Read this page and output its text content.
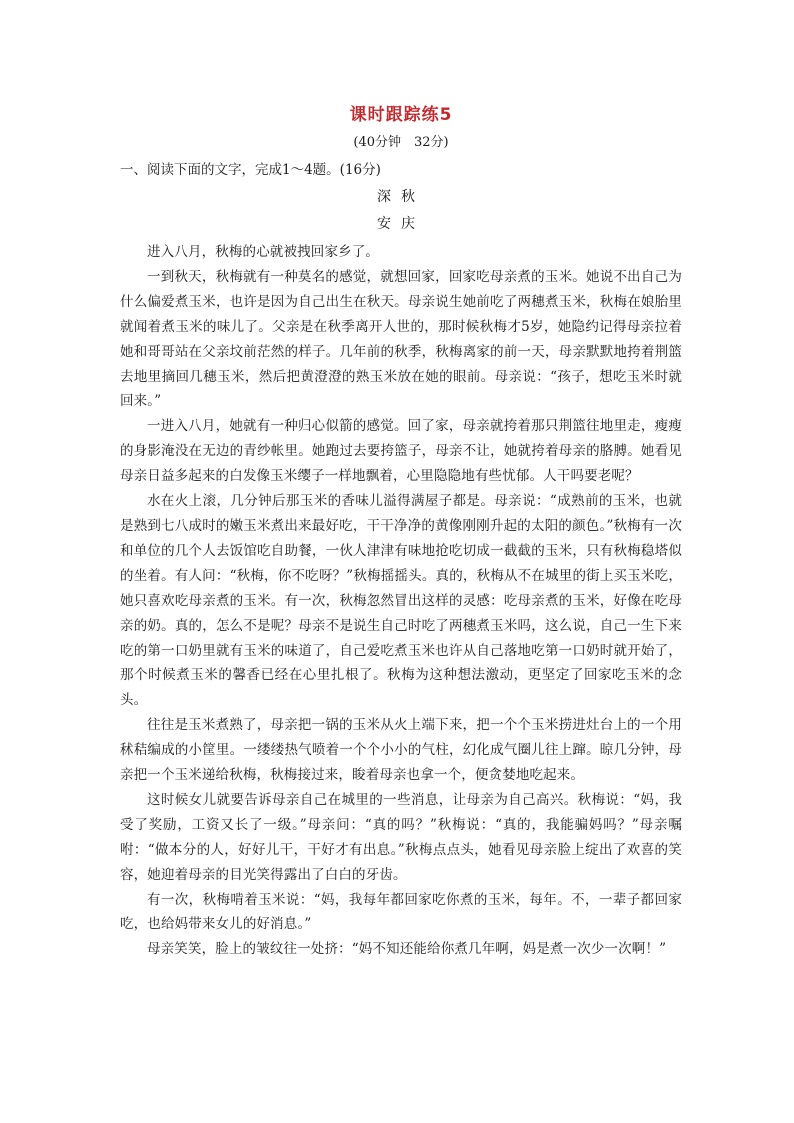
课时跟踪练5
(40分钟　32分)
一、阅读下面的文字，完成1～4题。(16分)
深秋
安庆

进入八月，秋梅的心就被拽回家乡了。

一到秋天，秋梅就有一种莫名的感觉，就想回家，回家吃母亲煮的玉米。她说不出自己为什么偏爱煮玉米，也许是因为自己出生在秋天。母亲说生她前吃了两穗煮玉米，秋梅在娘胎里就闻着煮玉米的味儿了。父亲是在秋季离开人世的，那时候秋梅才5岁，她隐约记得母亲拉着她和哥哥站在父亲坟前茫然的样子。几年前的秋季，秋梅离家的前一天，母亲默默地挎着荆篮去地里摘回几穗玉米，然后把黄澄澄的熟玉米放在她的眼前。母亲说：“孩子，想吃玉米时就回来。”

一进入八月，她就有一种归心似箭的感觉。回了家，母亲就挎着那只荆篮往地里走，瘦瘦的身影淹没在无边的青纱帐里。她跑过去要挎篮子，母亲不让，她就挎着母亲的胳膊。她看见母亲日益多起来的白发像玉米缨子一样地飘着，心里隐隐地有些忧郁。人干吗要老呢？

水在火上滚，几分钟后那玉米的香味儿溢得满屋子都是。母亲说：“成熟前的玉米，也就是熟到七八成时的嫩玉米煮出来最好吃，干干净净的黄像刚刚升起的太阳的颜色。”秋梅有一次和单位的几个人去饭馆吃自助餐，一伙人津津有味地抢吃切成一截截的玉米，只有秋梅稳塔似的坐着。有人问：“秋梅，你不吃呀？”秋梅摇摇头。真的，秋梅从不在城里的街上买玉米吃，她只喜欢吃母亲煮的玉米。有一次，秋梅忽然冒出这样的灵感：吃母亲煮的玉米，好像在吃母亲的奶。真的，怎么不是呢？母亲不是说生自己时吃了两穗煮玉米吗，这么说，自己一生下来吃的第一口奶里就有玉米的味道了，自己爱吃煮玉米也许从自己落地吃第一口奶时就开始了，那个时候煮玉米的馨香已经在心里扎根了。秋梅为这种想法激动，更坚定了回家吃玉米的念头。

往往是玉米煮熟了，母亲把一锅的玉米从火上端下来，把一个个玉米捞进灶台上的一个用秫秸编成的小筐里。一缕缕热气喷着一个个小小的气柱，幻化成气圈儿往上蹿。晾几分钟，母亲把一个玉米递给秋梅，秋梅接过来，睃着母亲也拿一个，便贪婪地吃起来。

这时候女儿就要告诉母亲自己在城里的一些消息，让母亲为自己高兴。秋梅说：“妈，我受了奖励，工资又长了一级。”母亲问：“真的吗？”秋梅说：“真的，我能骗妈吗？”母亲嘱咐：“做本分的人，好好儿干，干好才有出息。”秋梅点点头，她看见母亲脸上绽出了欢喜的笑容，她迎着母亲的目光笑得露出了白白的牙齿。

有一次，秋梅啃着玉米说：“妈，我每年都回家吃你煮的玉米，每年。不，一辈子都回家吃，也给妈带来女儿的好消息。”

母亲笑笑，脸上的皱纹往一处挤：“妈不知还能给你煮几年啊，妈是煮一次少一次啊！”
